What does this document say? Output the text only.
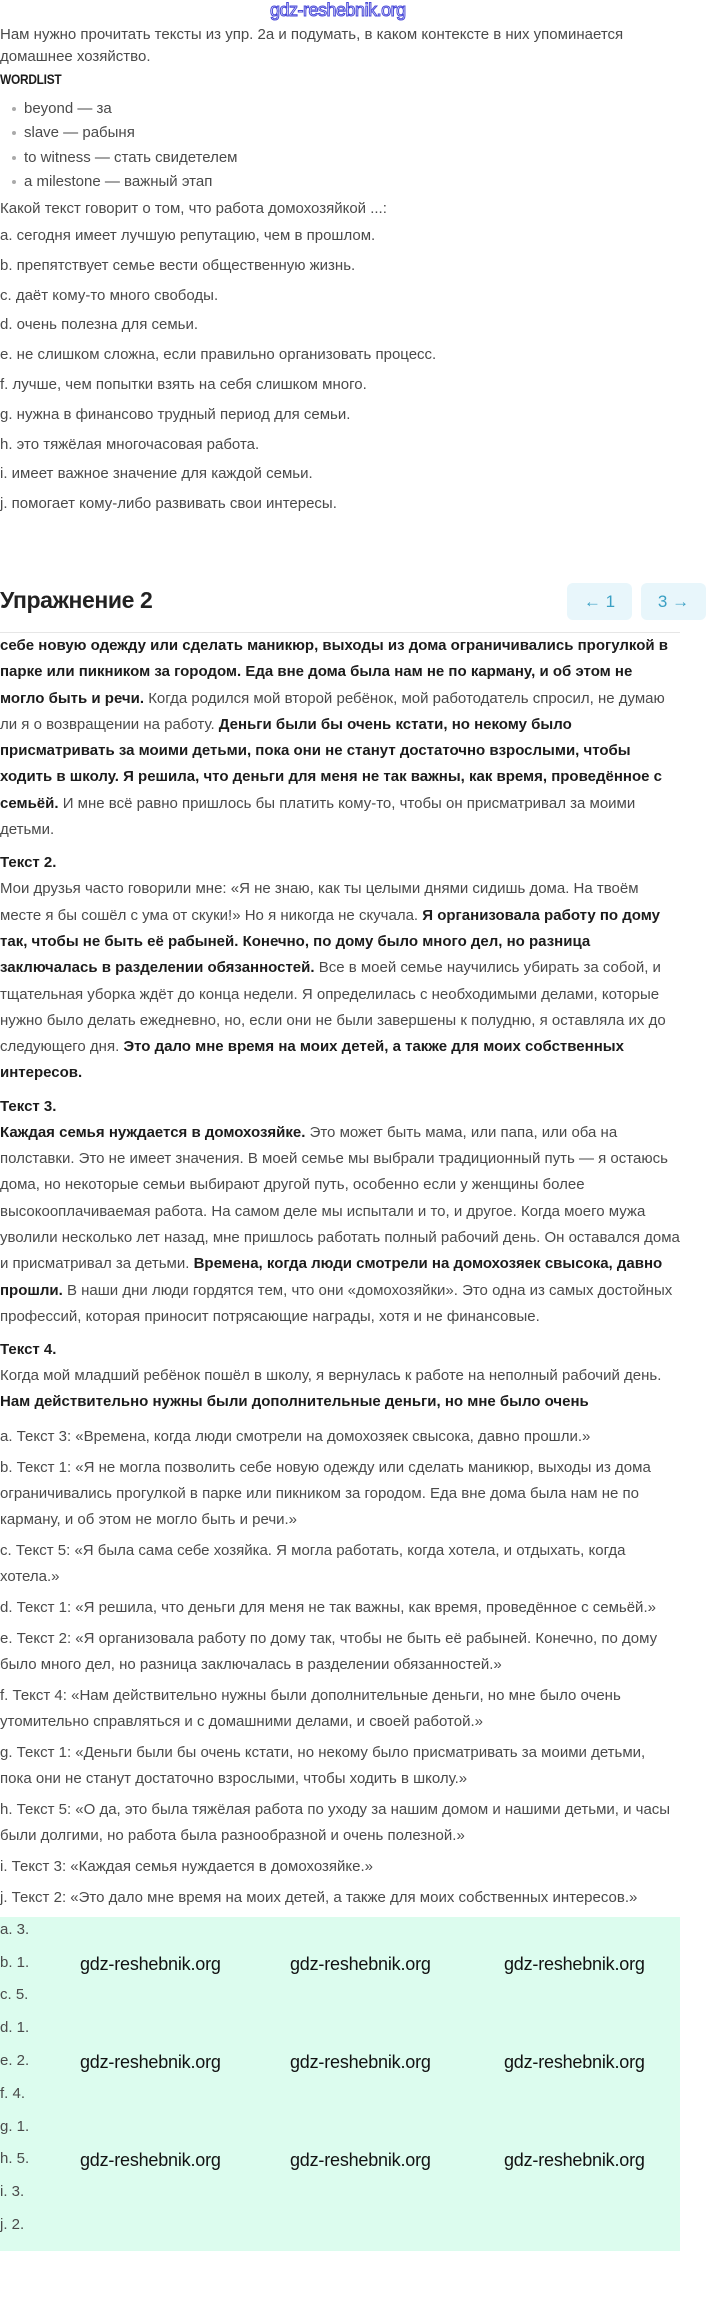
gdz-reshebnik.org
Нам нужно прочитать тексты из упр. 2а и подумать, в каком контексте в них упоминается домашнее хозяйство.
WORDLIST
beyond — за
slave — рабыня
to witness — стать свидетелем
a milestone — важный этап
Какой текст говорит о том, что работа домохозяйкой ...:
a. сегодня имеет лучшую репутацию, чем в прошлом.
b. препятствует семье вести общественную жизнь.
c. даёт кому-то много свободы.
d. очень полезна для семьи.
e. не слишком сложна, если правильно организовать процесс.
f. лучше, чем попытки взять на себя слишком много.
g. нужна в финансово трудный период для семьи.
h. это тяжёлая многочасовая работа.
i. имеет важное значение для каждой семьи.
j. помогает кому-либо развивать свои интересы.
Упражнение 2	← 1	3 →

себе новую одежду или сделать маникюр, выходы из дома ограничивались прогулкой в парке или пикником за городом. Еда вне дома была нам не по карману, и об этом не могло быть и речи. Когда родился мой второй ребёнок, мой работодатель спросил, не думаю ли я о возвращении на работу. Деньги были бы очень кстати, но некому было присматривать за моими детьми, пока они не станут достаточно взрослыми, чтобы ходить в школу. Я решила, что деньги для меня не так важны, как время, проведённое с семьёй. И мне всё равно пришлось бы платить кому-то, чтобы он присматривал за моими детьми.

Текст 2.

Мои друзья часто говорили мне: «Я не знаю, как ты целыми днями сидишь дома. На твоём месте я бы сошёл с ума от скуки!» Но я никогда не скучала. Я организовала работу по дому так, чтобы не быть её рабыней. Конечно, по дому было много дел, но разница заключалась в разделении обязанностей. Все в моей семье научились убирать за собой, и тщательная уборка ждёт до конца недели. Я определилась с необходимыми делами, которые нужно было делать ежедневно, но, если они не были завершены к полудню, я оставляла их до следующего дня. Это дало мне время на моих детей, а также для моих собственных интересов.

Текст 3.

Каждая семья нуждается в домохозяйке. Это может быть мама, или папа, или оба на полставки. Это не имеет значения. В моей семье мы выбрали традиционный путь — я остаюсь дома, но некоторые семьи выбирают другой путь, особенно если у женщины более высокооплачиваемая работа. На самом деле мы испытали и то, и другое. Когда моего мужа уволили несколько лет назад, мне пришлось работать полный рабочий день. Он оставался дома и присматривал за детьми. Времена, когда люди смотрели на домохозяек свысока, давно прошли. В наши дни люди гордятся тем, что они «домохозяйки». Это одна из самых достойных профессий, которая приносит потрясающие награды, хотя и не финансовые.

Текст 4.

Когда мой младший ребёнок пошёл в школу, я вернулась к работе на неполный рабочий день. Нам действительно нужны были дополнительные деньги, но мне было очень

a. Текст 3: «Времена, когда люди смотрели на домохозяек свысока, давно прошли.»
b. Текст 1: «Я не могла позволить себе новую одежду или сделать маникюр, выходы из дома ограничивались прогулкой в парке или пикником за городом. Еда вне дома была нам не по карману, и об этом не могло быть и речи.»
c. Текст 5: «Я была сама себе хозяйка. Я могла работать, когда хотела, и отдыхать, когда хотела.»
d. Текст 1: «Я решила, что деньги для меня не так важны, как время, проведённое с семьёй.»
e. Текст 2: «Я организовала работу по дому так, чтобы не быть её рабыней. Конечно, по дому было много дел, но разница заключалась в разделении обязанностей.»
f. Текст 4: «Нам действительно нужны были дополнительные деньги, но мне было очень утомительно справляться и с домашними делами, и своей работой.»
g. Текст 1: «Деньги были бы очень кстати, но некому было присматривать за моими детьми, пока они не станут достаточно взрослыми, чтобы ходить в школу.»
h. Текст 5: «О да, это была тяжёлая работа по уходу за нашим домом и нашими детьми, и часы были долгими, но работа была разнообразной и очень полезной.»
i. Текст 3: «Каждая семья нуждается в домохозяйке.»
j. Текст 2: «Это дало мне время на моих детей, а также для моих собственных интересов.»
a. 3.
b. 1.
c. 5.
d. 1.
e. 2.
f. 4.
g. 1.
h. 5.
i. 3.
j. 2.
gdz-reshebnik.org	gdz-reshebnik.org	gdz-reshebnik.org
gdz-reshebnik.org	gdz-reshebnik.org	gdz-reshebnik.org
gdz-reshebnik.org	gdz-reshebnik.org	gdz-reshebnik.org
